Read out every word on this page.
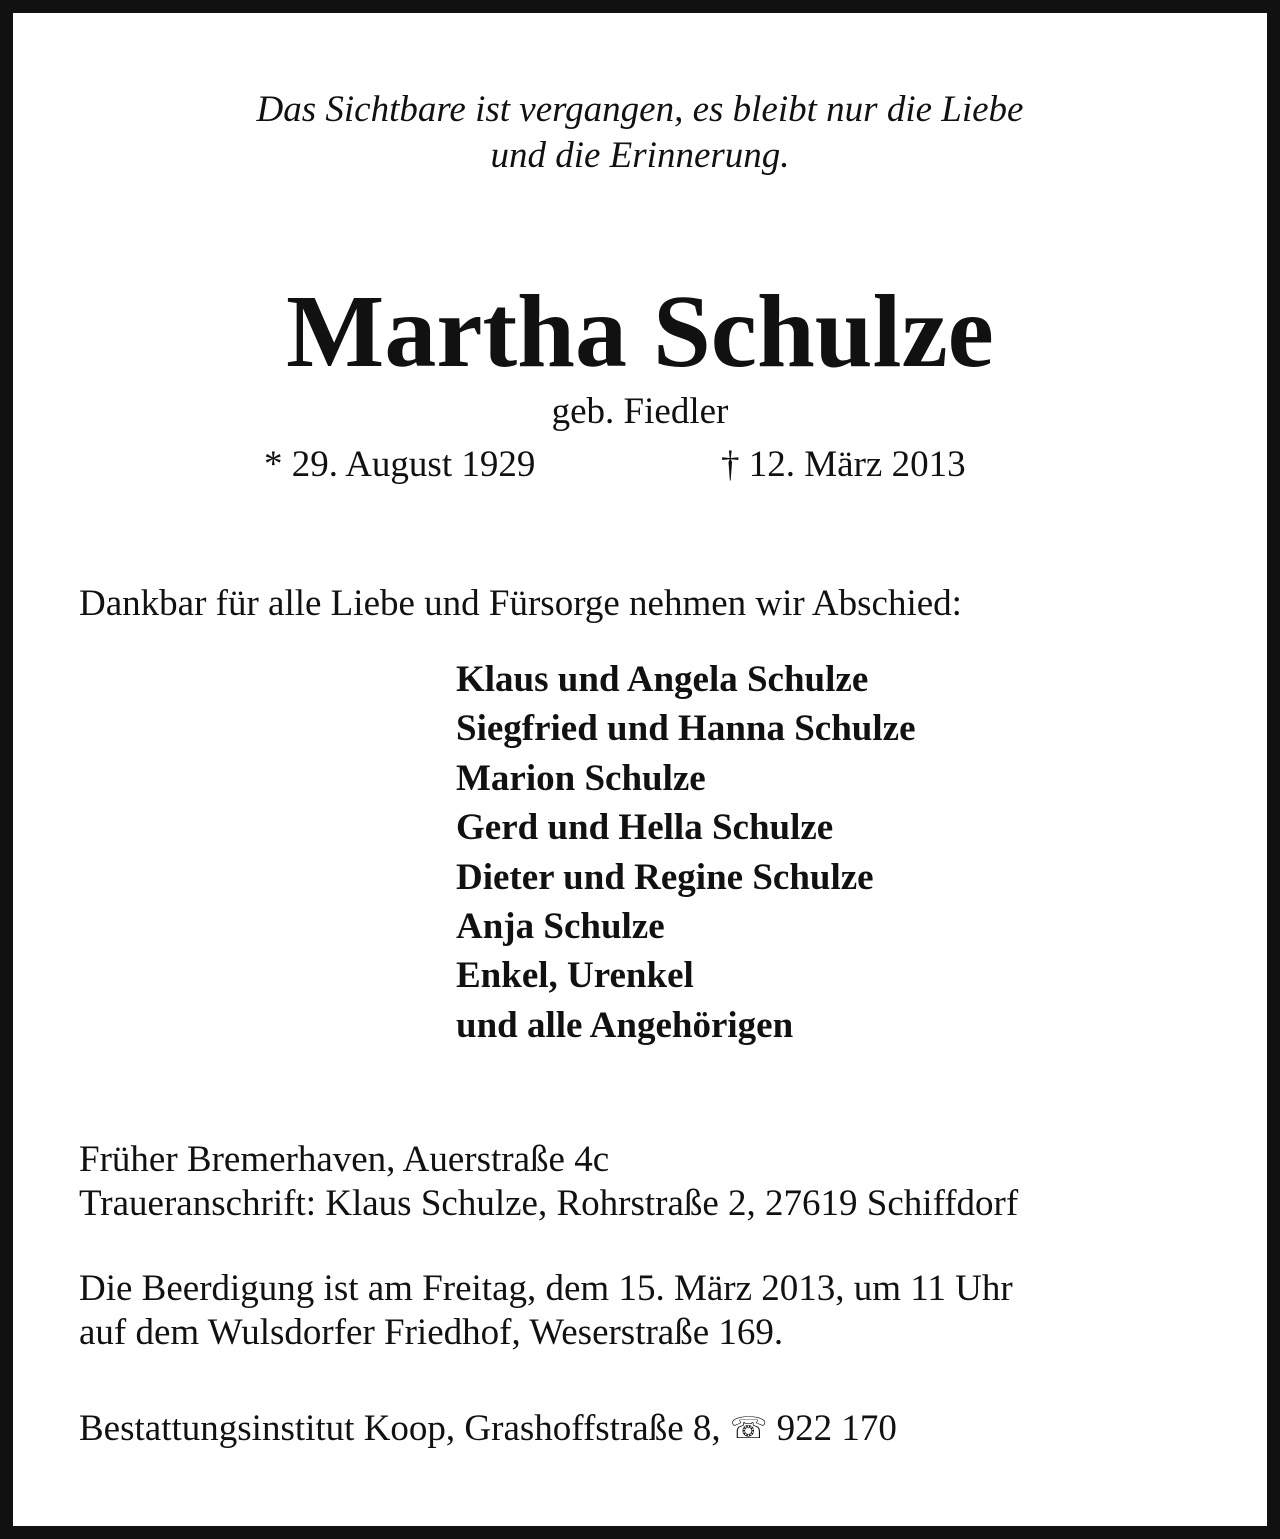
Das Sichtbare ist vergangen, es bleibt nur die Liebe
und die Erinnerung.
Martha Schulze
geb. Fiedler
* 29. August 1929	† 12. März 2013
Dankbar für alle Liebe und Fürsorge nehmen wir Abschied:
Klaus und Angela Schulze
Siegfried und Hanna Schulze
Marion Schulze
Gerd und Hella Schulze
Dieter und Regine Schulze
Anja Schulze
Enkel, Urenkel
und alle Angehörigen
Früher Bremerhaven, Auerstraße 4c
Traueranschrift: Klaus Schulze, Rohrstraße 2, 27619 Schiffdorf
Die Beerdigung ist am Freitag, dem 15. März 2013, um 11 Uhr
auf dem Wulsdorfer Friedhof, Weserstraße 169.
Bestattungsinstitut Koop, Grashoffstraße 8, ☏ 922 170
